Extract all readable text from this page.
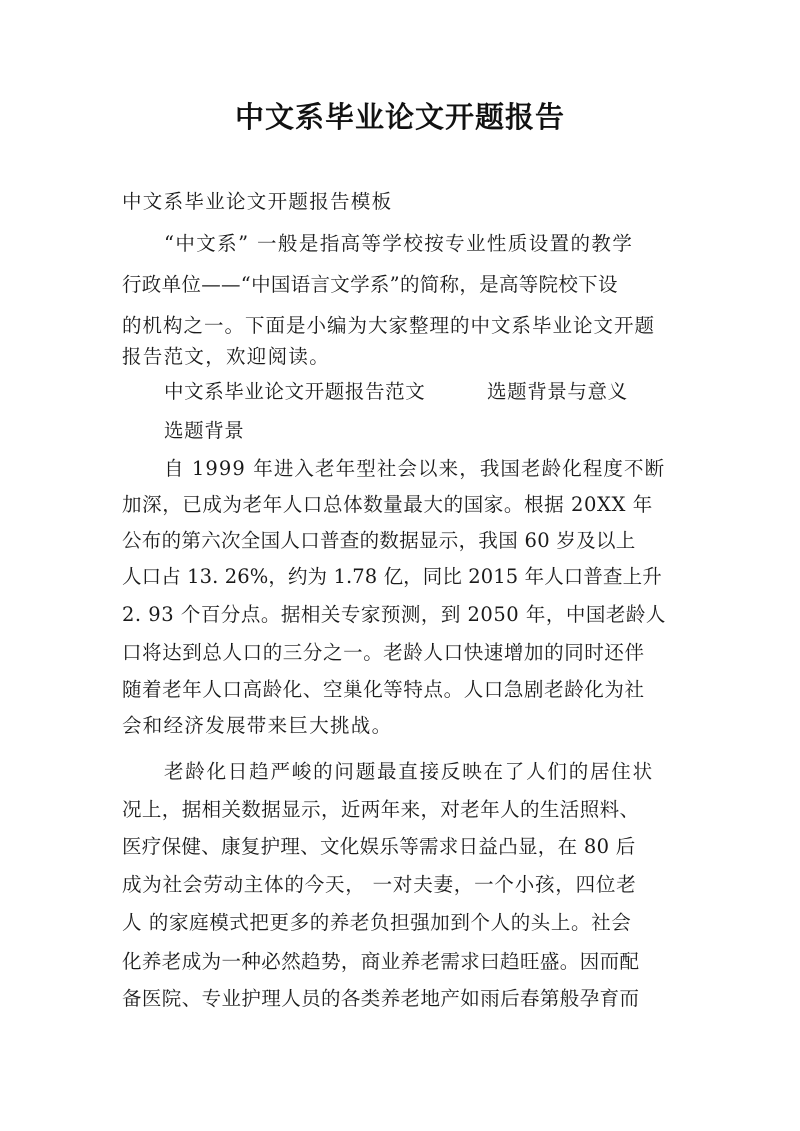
中文系毕业论文开题报告
中文系毕业论文开题报告模板
“中文系” 一般是指高等学校按专业性质设置的教学
行政单位——“中国语言文学系”的简称，是高等院校下设
的机构之一。下面是小编为大家整理的中文系毕业论文开题
报告范文，欢迎阅读。
中文系毕业论文开题报告范文	选题背景与意义
选题背景
自 1999 年进入老年型社会以来，我国老龄化程度不断
加深，已成为老年人口总体数量最大的国家。根据 20XX 年
公布的第六次全国人口普查的数据显示，我国 60 岁及以上
人口占 13. 26%，约为 1.78 亿，同比 2015 年人口普查上升
2. 93 个百分点。据相关专家预测，到 2050 年，中国老龄人
口将达到总人口的三分之一。老龄人口快速增加的同时还伴
随着老年人口高龄化、空巢化等特点。人口急剧老龄化为社
会和经济发展带来巨大挑战。
老龄化日趋严峻的问题最直接反映在了人们的居住状
况上，据相关数据显示，近两年来，对老年人的生活照料、
医疗保健、康复护理、文化娱乐等需求日益凸显，在 80 后
成为社会劳动主体的今天， 一对夫妻，一个小孩，四位老
人 的家庭模式把更多的养老负担强加到个人的头上。社会
化养老成为一种必然趋势，商业养老需求曰趋旺盛。因而配
备医院、专业护理人员的各类养老地产如雨后春第般孕育而
